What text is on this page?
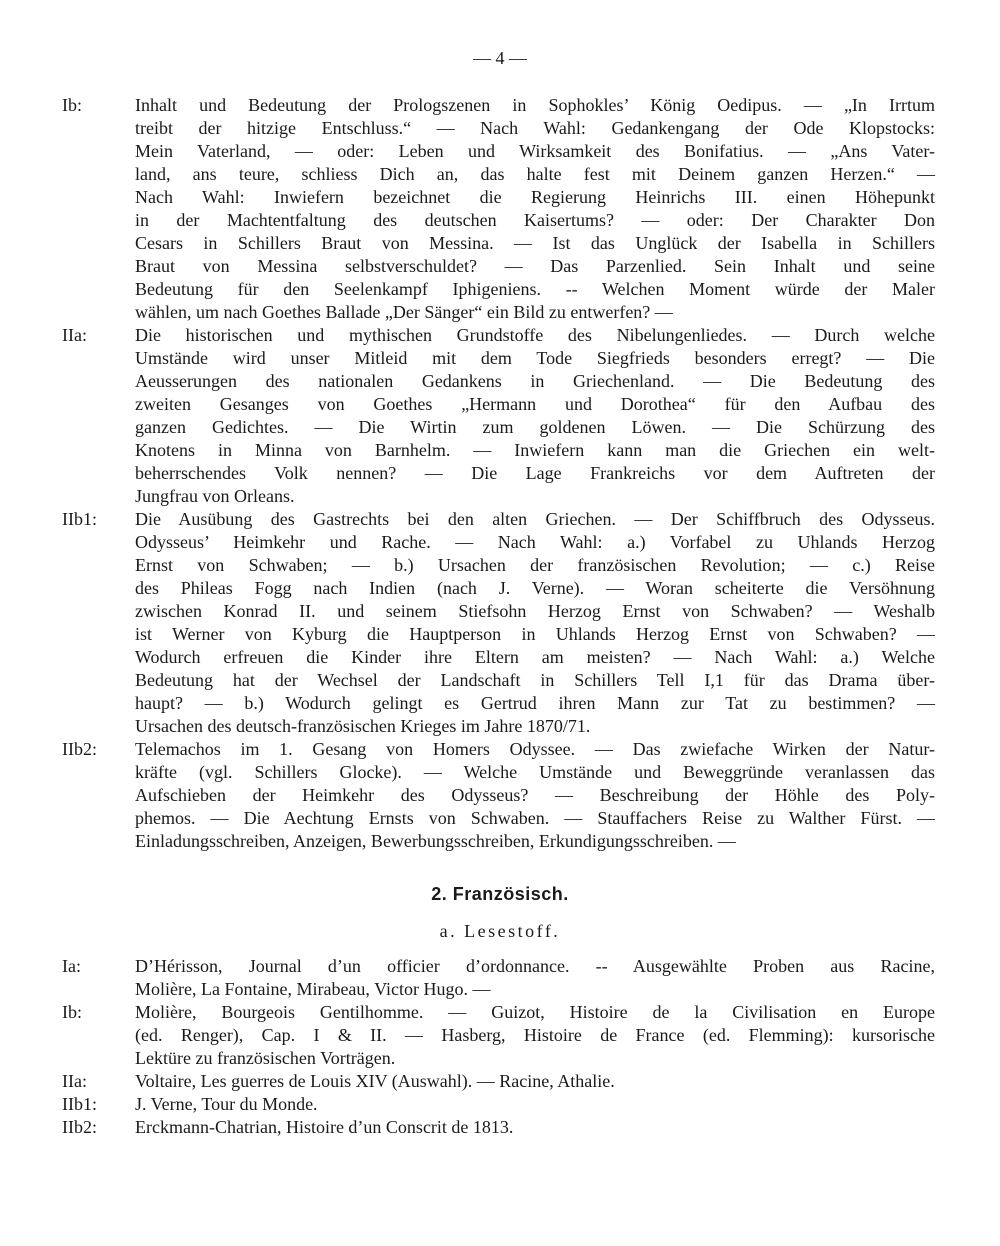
— 4 —
Ib:	Inhalt und Bedeutung der Prologszenen in Sophokles’ König Oedipus. — „In Irrtum
treibt der hitzige Entschluss.“ — Nach Wahl: Gedankengang der Ode Klopstocks:
Mein Vaterland, — oder: Leben und Wirksamkeit des Bonifatius. — „Ans Vater-
land, ans teure, schliess Dich an, das halte fest mit Deinem ganzen Herzen.“ —
Nach Wahl: Inwiefern bezeichnet die Regierung Heinrichs III. einen Höhepunkt
in der Machtentfaltung des deutschen Kaisertums? — oder: Der Charakter Don
Cesars in Schillers Braut von Messina. — Ist das Unglück der Isabella in Schillers
Braut von Messina selbstverschuldet? — Das Parzenlied. Sein Inhalt und seine
Bedeutung für den Seelenkampf Iphigeniens. -- Welchen Moment würde der Maler
wählen, um nach Goethes Ballade „Der Sänger“ ein Bild zu entwerfen? —
IIa:	Die historischen und mythischen Grundstoffe des Nibelungenliedes. — Durch welche
Umstände wird unser Mitleid mit dem Tode Siegfrieds besonders erregt? — Die
Aeusserungen des nationalen Gedankens in Griechenland. — Die Bedeutung des
zweiten Gesanges von Goethes „Hermann und Dorothea“ für den Aufbau des
ganzen Gedichtes. — Die Wirtin zum goldenen Löwen. — Die Schürzung des
Knotens in Minna von Barnhelm. — Inwiefern kann man die Griechen ein welt-
beherrschendes Volk nennen? — Die Lage Frankreichs vor dem Auftreten der
Jungfrau von Orleans.
IIb1: Die Ausübung des Gastrechts bei den alten Griechen. — Der Schiffbruch des Odysseus.
Odysseus’ Heimkehr und Rache. — Nach Wahl: a.) Vorfabel zu Uhlands Herzog
Ernst von Schwaben; — b.) Ursachen der französischen Revolution; — c.) Reise
des Phileas Fogg nach Indien (nach J. Verne). — Woran scheiterte die Versöhnung
zwischen Konrad II. und seinem Stiefsohn Herzog Ernst von Schwaben? — Weshalb
ist Werner von Kyburg die Hauptperson in Uhlands Herzog Ernst von Schwaben? —
Wodurch erfreuen die Kinder ihre Eltern am meisten? — Nach Wahl: a.) Welche
Bedeutung hat der Wechsel der Landschaft in Schillers Tell I,1 für das Drama über-
haupt? — b.) Wodurch gelingt es Gertrud ihren Mann zur Tat zu bestimmen? —
Ursachen des deutsch-französischen Krieges im Jahre 1870/71.
IIb2: Telemachos im 1. Gesang von Homers Odyssee. — Das zwiefache Wirken der Natur-
kräfte (vgl. Schillers Glocke). — Welche Umstände und Beweggründe veranlassen das
Aufschieben der Heimkehr des Odysseus? — Beschreibung der Höhle des Poly-
phemos. — Die Aechtung Ernsts von Schwaben. — Stauffachers Reise zu Walther Fürst. —
Einladungsschreiben, Anzeigen, Bewerbungsschreiben, Erkundigungsschreiben. —
2. Französisch.
a. Lesestoff.
Ia:	D’Hérisson, Journal d’un officier d’ordonnance. -- Ausgewählte Proben aus Racine,
Molière, La Fontaine, Mirabeau, Victor Hugo. —
Ib:	Molière, Bourgeois Gentilhomme. — Guizot, Histoire de la Civilisation en Europe
(ed. Renger), Cap. I & II. — Hasberg, Histoire de France (ed. Flemming): kursorische
Lektüre zu französischen Vorträgen.
IIa:	Voltaire, Les guerres de Louis XIV (Auswahl). — Racine, Athalie.
IIb1: J. Verne, Tour du Monde.
IIb2: Erckmann-Chatrian, Histoire d’un Conscrit de 1813.
